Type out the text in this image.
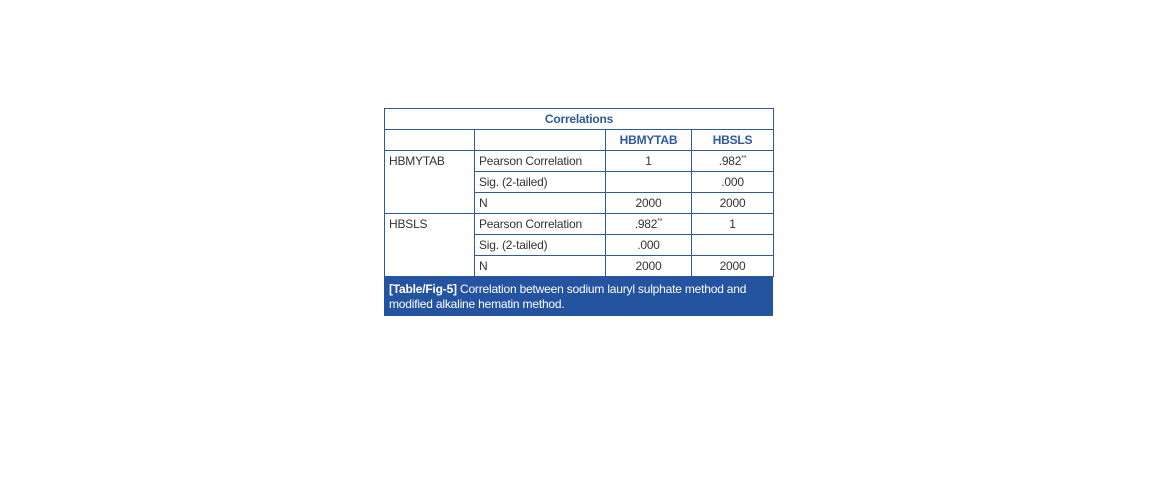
Correlations			
		HBMYTAB	HBSLS
HBMYTAB	Pearson Correlation	1	.982**
	Sig. (2-tailed)		.000
	N	2000	2000
HBSLS	Pearson Correlation	.982**	1
	Sig. (2-tailed)	.000	
	N	2000	2000
[Table/Fig-5] Correlation between sodium lauryl sulphate method and modified alkaline hematin method.
